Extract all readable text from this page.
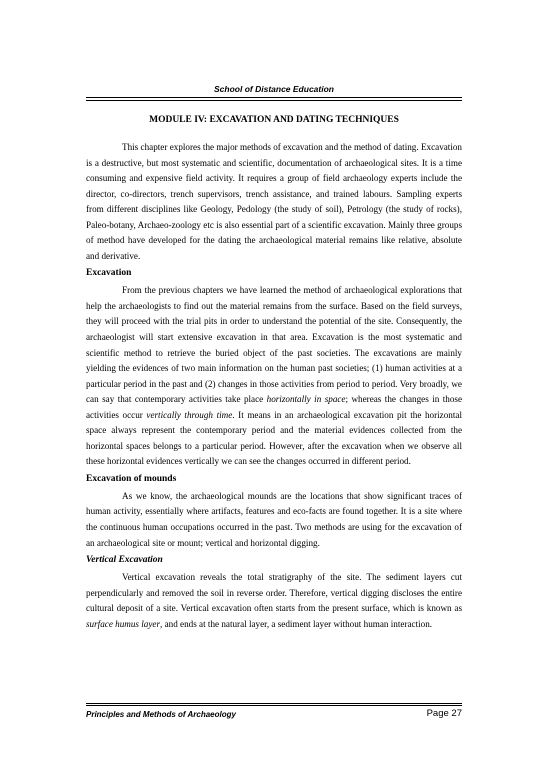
School of Distance Education
MODULE IV: EXCAVATION AND DATING TECHNIQUES

This chapter explores the major methods of excavation and the method of dating. Excavation is a destructive, but most systematic and scientific, documentation of archaeological sites. It is a time consuming and expensive field activity. It requires a group of field archaeology experts include the director, co-directors, trench supervisors, trench assistance, and trained labours. Sampling experts from different disciplines like Geology, Pedology (the study of soil), Petrology (the study of rocks), Paleo-botany, Archaeo-zoology etc is also essential part of a scientific excavation. Mainly three groups of method have developed for the dating the archaeological material remains like relative, absolute and derivative.

Excavation

From the previous chapters we have learned the method of archaeological explorations that help the archaeologists to find out the material remains from the surface. Based on the field surveys, they will proceed with the trial pits in order to understand the potential of the site. Consequently, the archaeologist will start extensive excavation in that area. Excavation is the most systematic and scientific method to retrieve the buried object of the past societies. The excavations are mainly yielding the evidences of two main information on the human past societies; (1) human activities at a particular period in the past and (2) changes in those activities from period to period. Very broadly, we can say that contemporary activities take place horizontally in space; whereas the changes in those activities occur vertically through time. It means in an archaeological excavation pit the horizontal space always represent the contemporary period and the material evidences collected from the horizontal spaces belongs to a particular period. However, after the excavation when we observe all these horizontal evidences vertically we can see the changes occurred in different period.

Excavation of mounds

As we know, the archaeological mounds are the locations that show significant traces of human activity, essentially where artifacts, features and eco-facts are found together. It is a site where the continuous human occupations occurred in the past. Two methods are using for the excavation of an archaeological site or mount; vertical and horizontal digging.

Vertical Excavation

Vertical excavation reveals the total stratigraphy of the site. The sediment layers cut perpendicularly and removed the soil in reverse order. Therefore, vertical digging discloses the entire cultural deposit of a site. Vertical excavation often starts from the present surface, which is known as surface humus layer, and ends at the natural layer, a sediment layer without human interaction.

Principles and Methods of Archaeology	Page 27
